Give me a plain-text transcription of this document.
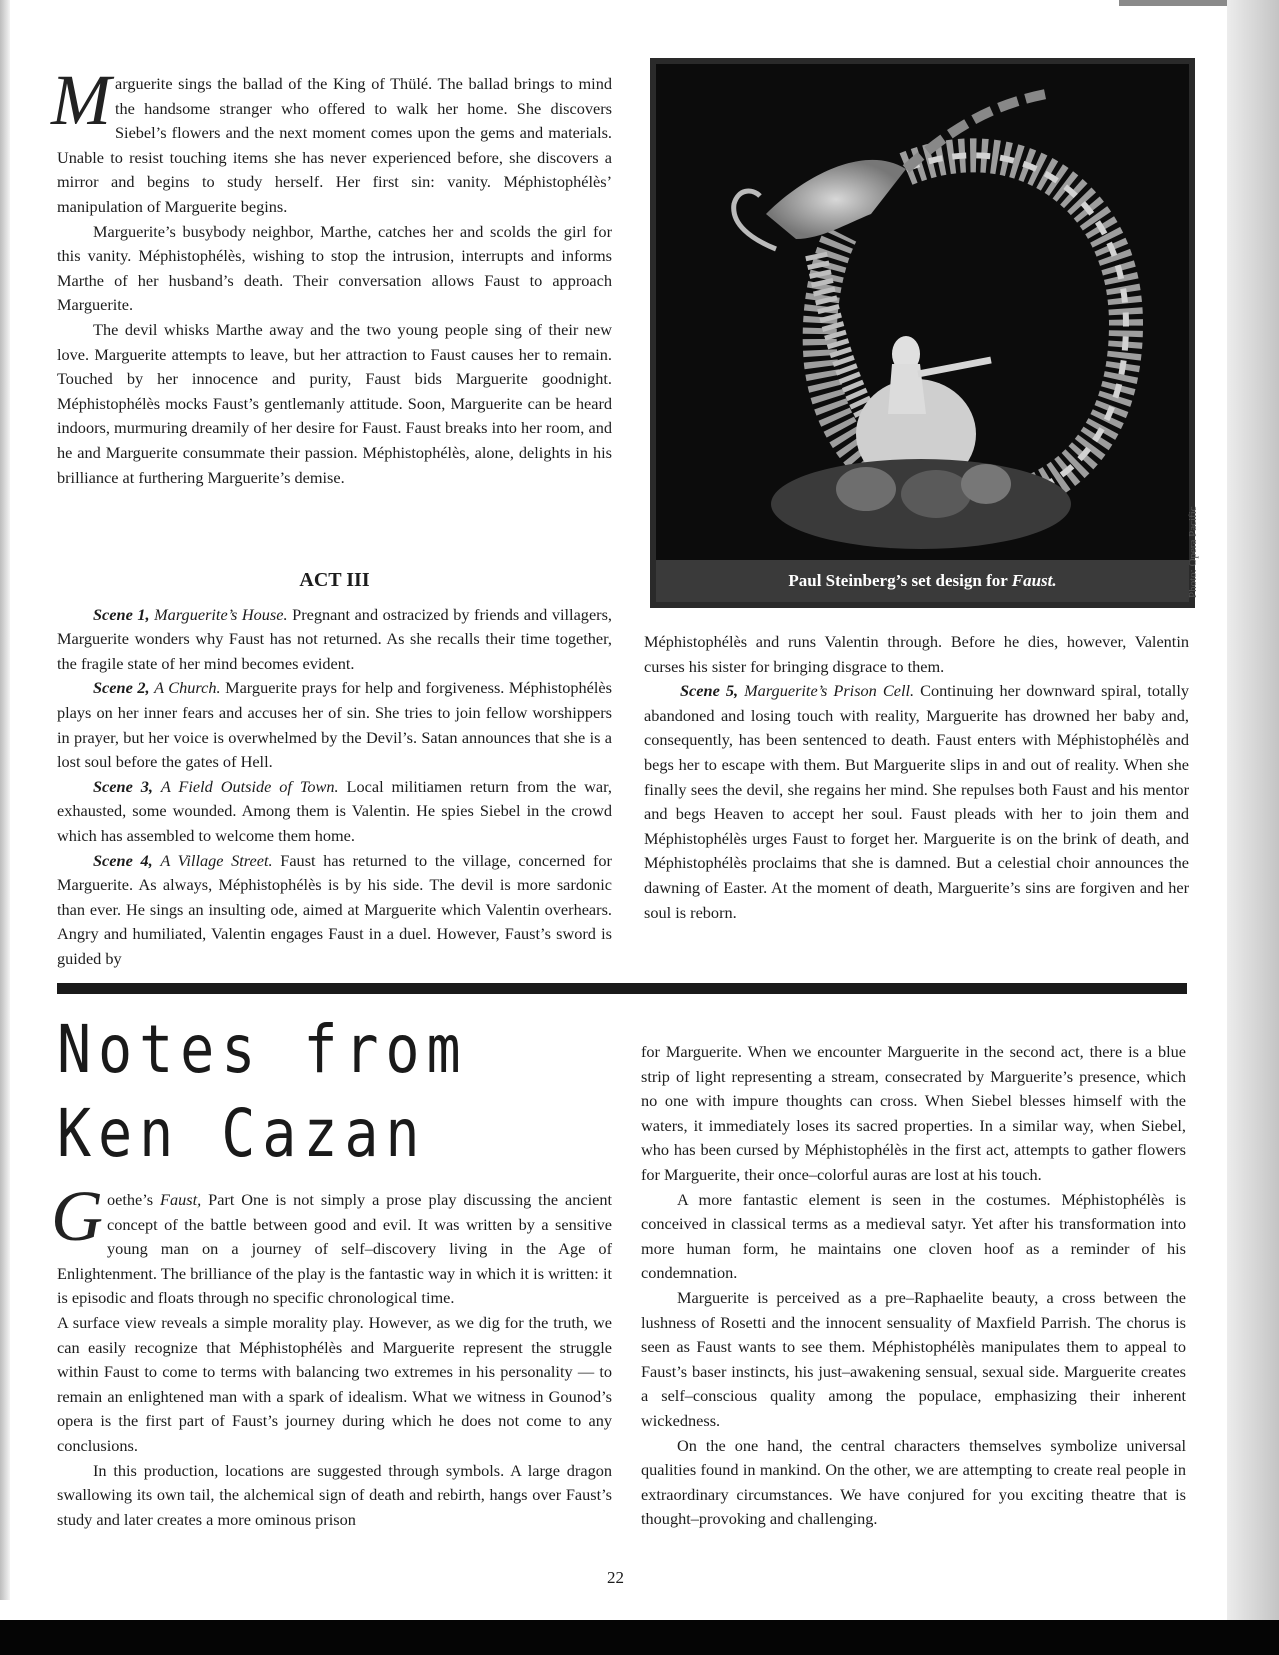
Marguerite sings the ballad of the King of Thülé. The ballad brings to mind the handsome stranger who offered to walk her home. She discovers Siebel’s flowers and the next moment comes upon the gems and materials. Unable to resist touching items she has never experienced before, she discovers a mirror and begins to study herself. Her first sin: vanity. Méphistophélès’ manipulation of Marguerite begins.

Marguerite’s busybody neighbor, Marthe, catches her and scolds the girl for this vanity. Méphistophélès, wishing to stop the intrusion, interrupts and informs Marthe of her husband’s death. Their conversation allows Faust to approach Marguerite.

The devil whisks Marthe away and the two young people sing of their new love. Marguerite attempts to leave, but her attraction to Faust causes her to remain. Touched by her innocence and purity, Faust bids Marguerite goodnight. Méphistophélès mocks Faust’s gentlemanly attitude. Soon, Marguerite can be heard indoors, murmuring dreamily of her desire for Faust. Faust breaks into her room, and he and Marguerite consummate their passion. Méphistophélès, alone, delights in his brilliance at furthering Marguerite’s demise.

ACT III

Scene 1, Marguerite’s House. Pregnant and ostracized by friends and villagers, Marguerite wonders why Faust has not returned. As she recalls their time together, the fragile state of her mind becomes evident.

Scene 2, A Church. Marguerite prays for help and forgiveness. Méphistophélès plays on her inner fears and accuses her of sin. She tries to join fellow worshippers in prayer, but her voice is overwhelmed by the Devil’s. Satan announces that she is a lost soul before the gates of Hell.

Scene 3, A Field Outside of Town. Local militiamen return from the war, exhausted, some wounded. Among them is Valentin. He spies Siebel in the crowd which has assembled to welcome them home.

Scene 4, A Village Street. Faust has returned to the village, concerned for Marguerite. As always, Méphistophélès is by his side. The devil is more sardonic than ever. He sings an insulting ode, aimed at Marguerite which Valentin overhears. Angry and humiliated, Valentin engages Faust in a duel. However, Faust’s sword is guided by

Paul Steinberg’s set design for Faust.	Photo: Opera Pacific

Méphistophélès and runs Valentin through. Before he dies, however, Valentin curses his sister for bringing disgrace to them.

Scene 5, Marguerite’s Prison Cell. Continuing her downward spiral, totally abandoned and losing touch with reality, Marguerite has drowned her baby and, consequently, has been sentenced to death. Faust enters with Méphistophélès and begs her to escape with them. But Marguerite slips in and out of reality. When she finally sees the devil, she regains her mind. She repulses both Faust and his mentor and begs Heaven to accept her soul. Faust pleads with her to join them and Méphistophélès urges Faust to forget her. Marguerite is on the brink of death, and Méphistophélès proclaims that she is damned. But a celestial choir announces the dawning of Easter. At the moment of death, Marguerite’s sins are forgiven and her soul is reborn.

Notes from
Ken Cazan

Goethe’s Faust, Part One is not simply a prose play discussing the ancient concept of the battle between good and evil. It was written by a sensitive young man on a journey of self–discovery living in the Age of Enlightenment. The brilliance of the play is the fantastic way in which it is written: it is episodic and floats through no specific chronological time.

A surface view reveals a simple morality play. However, as we dig for the truth, we can easily recognize that Méphistophélès and Marguerite represent the struggle within Faust to come to terms with balancing two extremes in his personality — to remain an enlightened man with a spark of idealism. What we witness in Gounod’s opera is the first part of Faust’s journey during which he does not come to any conclusions.

In this production, locations are suggested through symbols. A large dragon swallowing its own tail, the alchemical sign of death and rebirth, hangs over Faust’s study and later creates a more ominous prison

for Marguerite. When we encounter Marguerite in the second act, there is a blue strip of light representing a stream, consecrated by Marguerite’s presence, which no one with impure thoughts can cross. When Siebel blesses himself with the waters, it immediately loses its sacred properties. In a similar way, when Siebel, who has been cursed by Méphistophélès in the first act, attempts to gather flowers for Marguerite, their once–colorful auras are lost at his touch.

A more fantastic element is seen in the costumes. Méphistophélès is conceived in classical terms as a medieval satyr. Yet after his transformation into more human form, he maintains one cloven hoof as a reminder of his condemnation.

Marguerite is perceived as a pre–Raphaelite beauty, a cross between the lushness of Rosetti and the innocent sensuality of Maxfield Parrish. The chorus is seen as Faust wants to see them. Méphistophélès manipulates them to appeal to Faust’s baser instincts, his just–awakening sensual, sexual side. Marguerite creates a self–conscious quality among the populace, emphasizing their inherent wickedness.

On the one hand, the central characters themselves symbolize universal qualities found in mankind. On the other, we are attempting to create real people in extraordinary circumstances. We have conjured for you exciting theatre that is thought–provoking and challenging.

22
